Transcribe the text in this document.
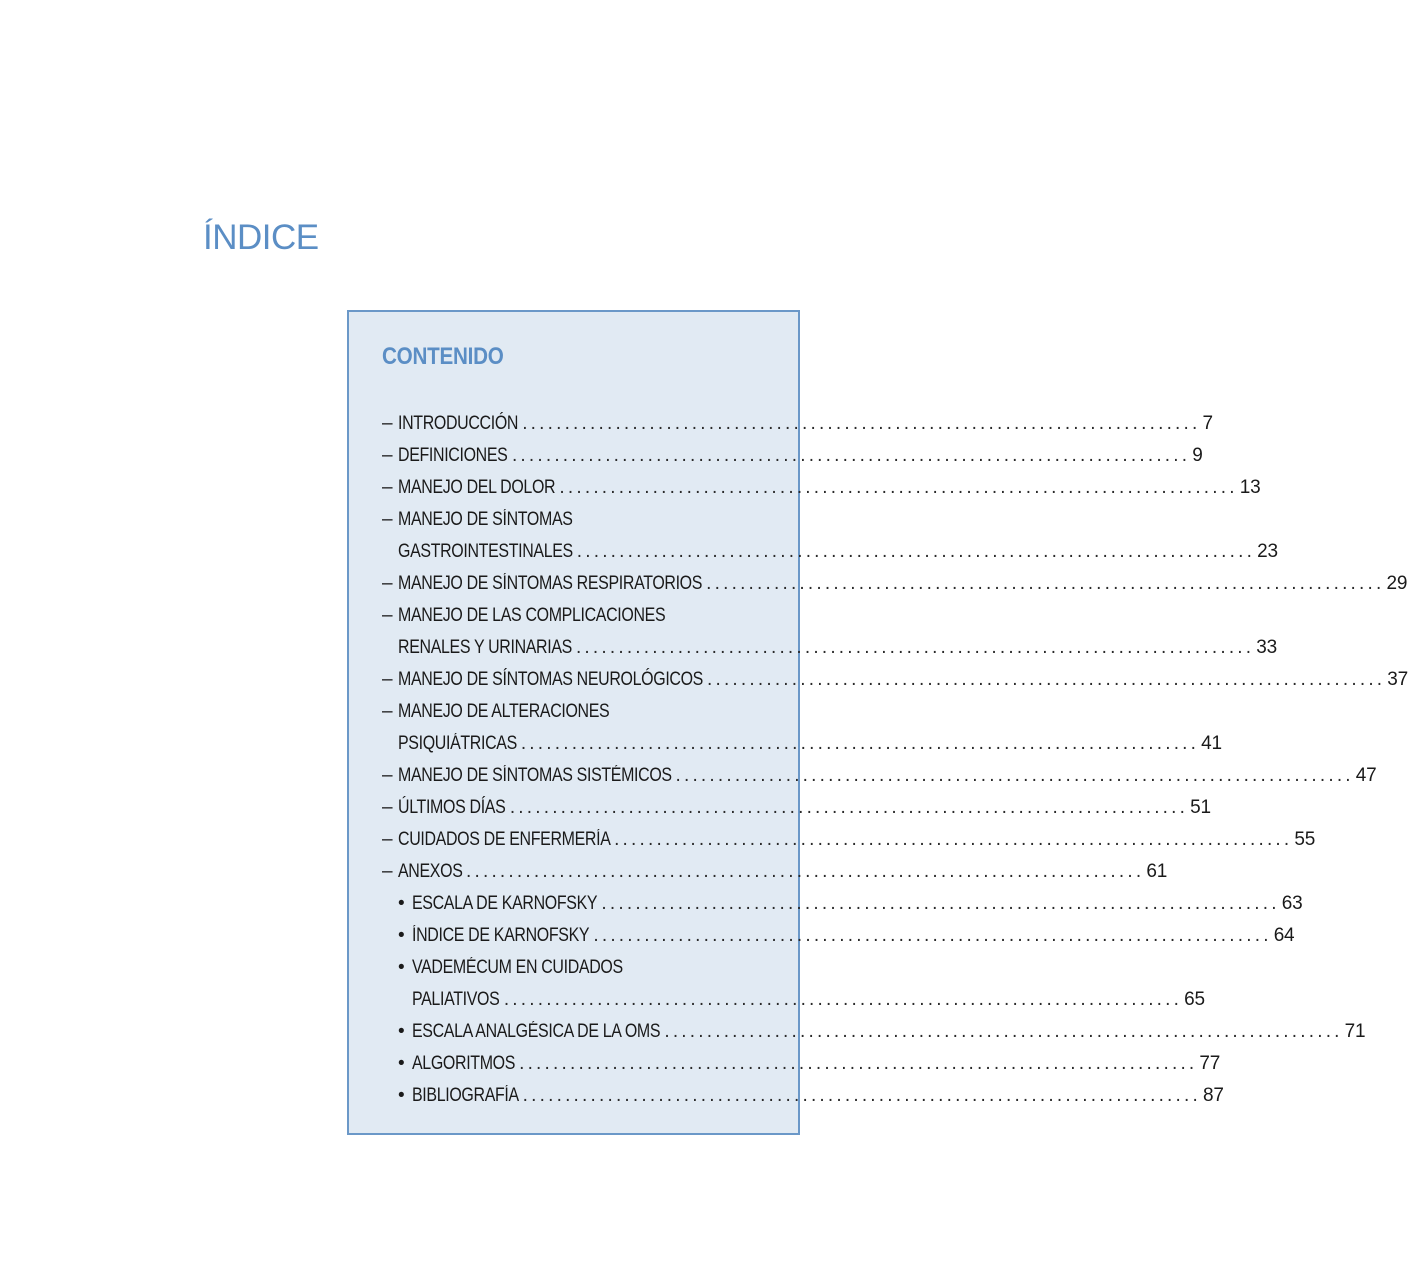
ÍNDICE
CONTENIDO
– INTRODUCCIÓN ................................................................................ 7
– DEFINICIONES ................................................................................ 9
– MANEJO DEL DOLOR ................................................................................ 13
– MANEJO DE SÍNTOMAS
GASTROINTESTINALES ................................................................................ 23
– MANEJO DE SÍNTOMAS RESPIRATORIOS ................................................................................ 29
– MANEJO DE LAS COMPLICACIONES
RENALES Y URINARIAS ................................................................................ 33
– MANEJO DE SÍNTOMAS NEUROLÓGICOS ................................................................................ 37
– MANEJO DE ALTERACIONES
PSIQUIÁTRICAS ................................................................................ 41
– MANEJO DE SÍNTOMAS SISTÉMICOS ................................................................................ 47
– ÚLTIMOS DÍAS ................................................................................ 51
– CUIDADOS DE ENFERMERÍA ................................................................................ 55
– ANEXOS ................................................................................ 61
• ESCALA DE KARNOFSKY ................................................................................ 63
• ÍNDICE DE KARNOFSKY ................................................................................ 64
• VADEMÉCUM EN CUIDADOS
PALIATIVOS ................................................................................ 65
• ESCALA ANALGÉSICA DE LA OMS ................................................................................ 71
• ALGORITMOS ................................................................................ 77
• BIBLIOGRAFÍA ................................................................................ 87
